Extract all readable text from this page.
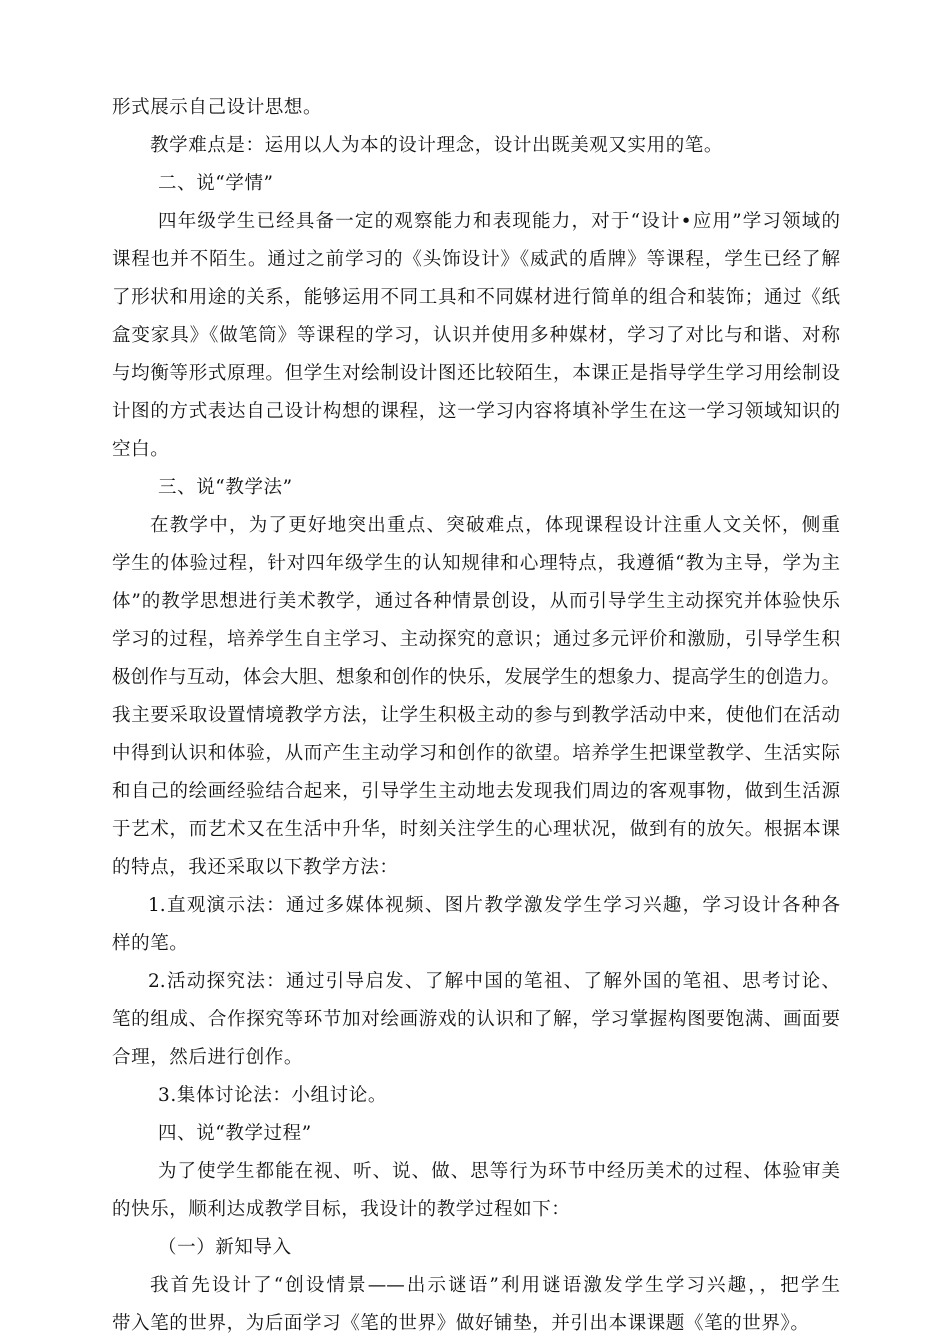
形式展示自己设计思想。
教学难点是：运用以人为本的设计理念，设计出既美观又实用的笔。
二、说“学情”
四年级学生已经具备一定的观察能力和表现能力，对于“设计•应用”学习领域的
课程也并不陌生。通过之前学习的《头饰设计》《威武的盾牌》等课程，学生已经了解
了形状和用途的关系，能够运用不同工具和不同媒材进行简单的组合和装饰；通过《纸
盒变家具》《做笔筒》等课程的学习，认识并使用多种媒材，学习了对比与和谐、对称
与均衡等形式原理。但学生对绘制设计图还比较陌生，本课正是指导学生学习用绘制设
计图的方式表达自己设计构想的课程，这一学习内容将填补学生在这一学习领域知识的
空白。
三、说“教学法”
在教学中，为了更好地突出重点、突破难点，体现课程设计注重人文关怀，侧重
学生的体验过程，针对四年级学生的认知规律和心理特点，我遵循“教为主导，学为主
体”的教学思想进行美术教学，通过各种情景创设，从而引导学生主动探究并体验快乐
学习的过程，培养学生自主学习、主动探究的意识；通过多元评价和激励，引导学生积
极创作与互动，体会大胆、想象和创作的快乐，发展学生的想象力、提高学生的创造力。
我主要采取设置情境教学方法，让学生积极主动的参与到教学活动中来，使他们在活动
中得到认识和体验，从而产生主动学习和创作的欲望。培养学生把课堂教学、生活实际
和自己的绘画经验结合起来，引导学生主动地去发现我们周边的客观事物，做到生活源
于艺术，而艺术又在生活中升华，时刻关注学生的心理状况，做到有的放矢。根据本课
的特点，我还采取以下教学方法：
1.直观演示法：通过多媒体视频、图片教学激发学生学习兴趣，学习设计各种各
样的笔。
2.活动探究法：通过引导启发、了解中国的笔祖、了解外国的笔祖、思考讨论、
笔的组成、合作探究等环节加对绘画游戏的认识和了解，学习掌握构图要饱满、画面要
合理，然后进行创作。
3.集体讨论法：小组讨论。
四、说“教学过程”
为了使学生都能在视、听、说、做、思等行为环节中经历美术的过程、体验审美
的快乐，顺利达成教学目标，我设计的教学过程如下：
（一）新知导入
我首先设计了“创设情景——出示谜语”利用谜语激发学生学习兴趣，，把学生
带入笔的世界，为后面学习《笔的世界》做好铺垫，并引出本课课题《笔的世界》。
